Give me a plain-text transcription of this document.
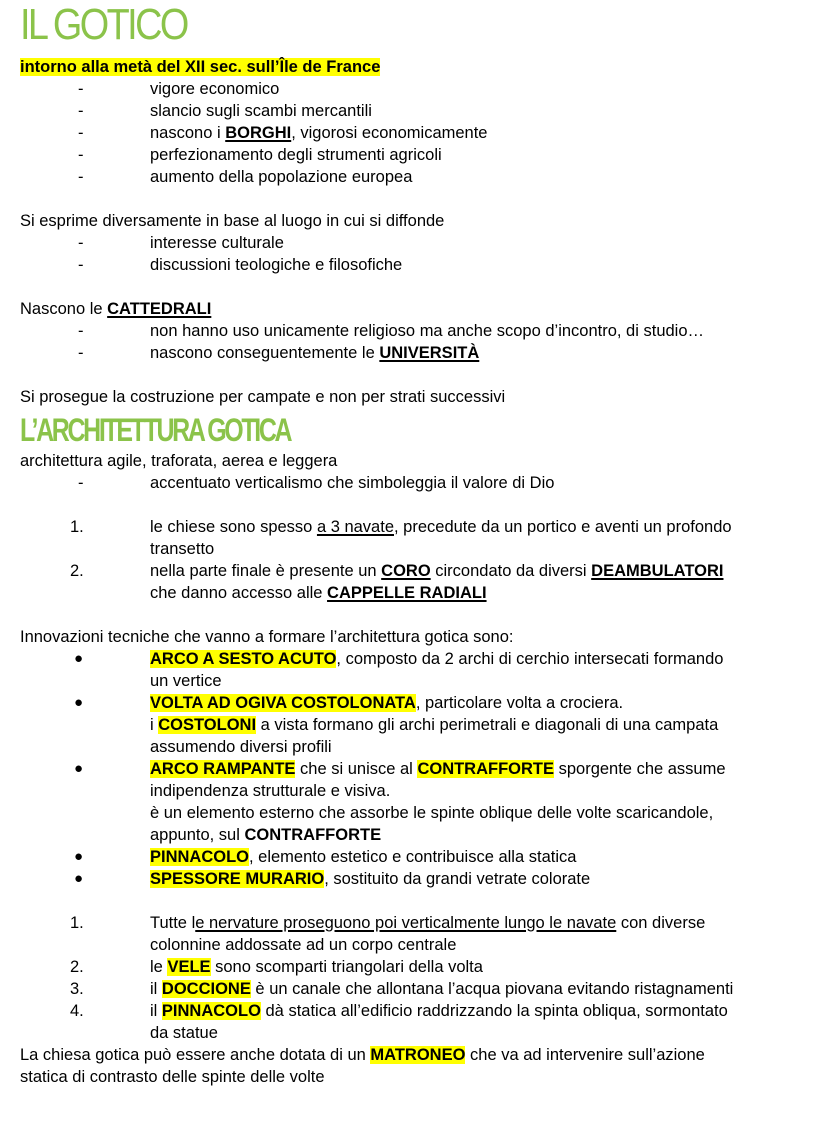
IL GOTICO
intorno alla metà del XII sec. sull’Île de France
-	vigore economico
-	slancio sugli scambi mercantili
-	nascono i BORGHI, vigorosi economicamente
-	perfezionamento degli strumenti agricoli
-	aumento della popolazione europea
Si esprime diversamente in base al luogo in cui si diffonde
-	interesse culturale
-	discussioni teologiche e filosofiche
Nascono le CATTEDRALI
-	non hanno uso unicamente religioso ma anche scopo d’incontro, di studio…
-	nascono conseguentemente le UNIVERSITÀ
Si prosegue la costruzione per campate e non per strati successivi
L’ARCHITETTURA GOTICA
architettura agile, traforata, aerea e leggera
-	accentuato verticalismo che simboleggia il valore di Dio
1.	le chiese sono spesso a 3 navate, precedute da un portico e aventi un profondo
transetto
2.	nella parte finale è presente un CORO circondato da diversi DEAMBULATORI
che danno accesso alle CAPPELLE RADIALI
Innovazioni tecniche che vanno a formare l’architettura gotica sono:
●	ARCO A SESTO ACUTO, composto da 2 archi di cerchio intersecati formando
un vertice
●	VOLTA AD OGIVA COSTOLONATA, particolare volta a crociera.
i COSTOLONI a vista formano gli archi perimetrali e diagonali di una campata
assumendo diversi profili
●	ARCO RAMPANTE che si unisce al CONTRAFFORTE sporgente che assume
indipendenza strutturale e visiva.
è un elemento esterno che assorbe le spinte oblique delle volte scaricandole,
appunto, sul CONTRAFFORTE
●	PINNACOLO, elemento estetico e contribuisce alla statica
●	SPESSORE MURARIO, sostituito da grandi vetrate colorate
1.	Tutte le nervature proseguono poi verticalmente lungo le navate con diverse
colonnine addossate ad un corpo centrale
2.	le VELE sono scomparti triangolari della volta
3.	il DOCCIONE è un canale che allontana l’acqua piovana evitando ristagnamenti
4.	il PINNACOLO dà statica all’edificio raddrizzando la spinta obliqua, sormontato
da statue
La chiesa gotica può essere anche dotata di un MATRONEO che va ad intervenire sull’azione
statica di contrasto delle spinte delle volte
